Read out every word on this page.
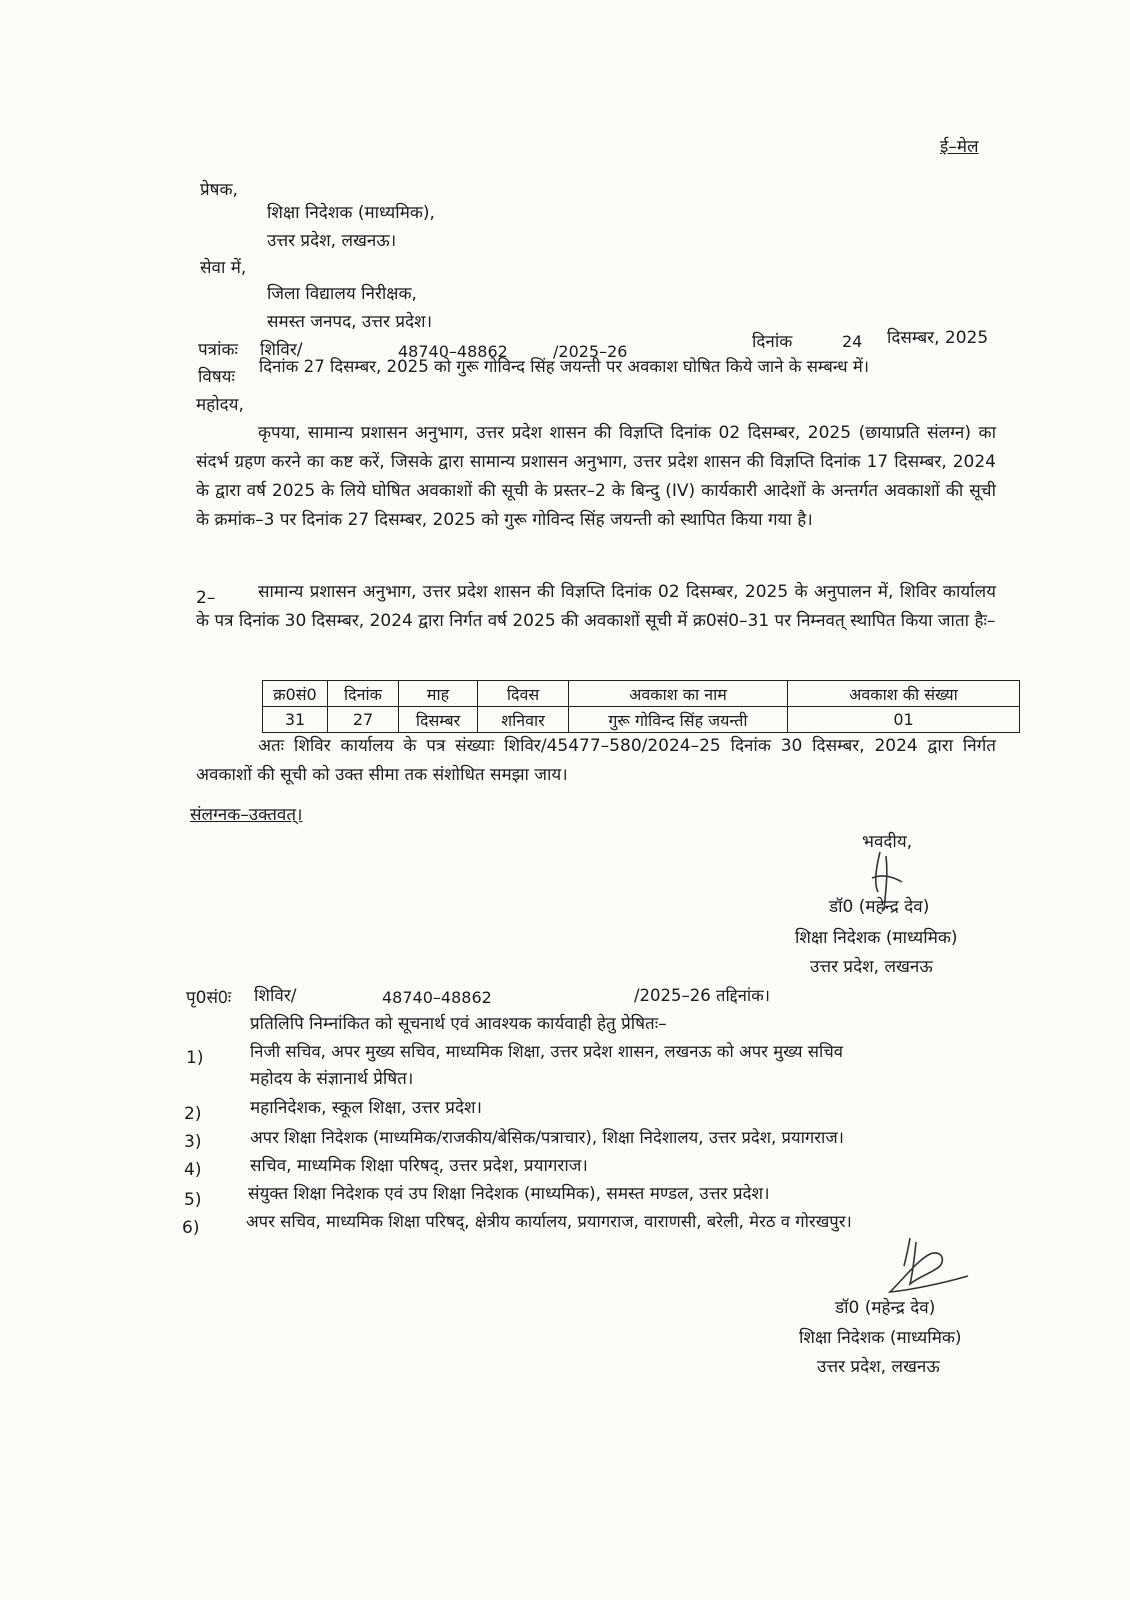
ई–मेल
प्रेषक,
शिक्षा निदेशक (माध्यमिक),
उत्तर प्रदेश, लखनऊ।
सेवा में,
जिला विद्यालय निरीक्षक,
समस्त जनपद, उत्तर प्रदेश।
पत्रांकः शिविर/	48740–48862	/2025–26	दिनांक	24 दिसम्बर, 2025
विषयः
दिनांक 27 दिसम्बर, 2025 को गुरू गोविन्द सिंह जयन्ती पर अवकाश घोषित किये जाने के सम्बन्ध में।
महोदय,
कृपया, सामान्य प्रशासन अनुभाग, उत्तर प्रदेश शासन की विज्ञप्ति दिनांक 02 दिसम्बर, 2025 (छायाप्रति संलग्न) का संदर्भ ग्रहण करने का कष्ट करें, जिसके द्वारा सामान्य प्रशासन अनुभाग, उत्तर प्रदेश शासन की विज्ञप्ति दिनांक 17 दिसम्बर, 2024 के द्वारा वर्ष 2025 के लिये घोषित अवकाशों की सूची के प्रस्तर–2 के बिन्दु (IV) कार्यकारी आदेशों के अन्तर्गत अवकाशों की सूची के क्रमांक–3 पर दिनांक 27 दिसम्बर, 2025 को गुरू गोविन्द सिंह जयन्ती को स्थापित किया गया है।
2–	सामान्य प्रशासन अनुभाग, उत्तर प्रदेश शासन की विज्ञप्ति दिनांक 02 दिसम्बर, 2025 के अनुपालन में, शिविर कार्यालय के पत्र दिनांक 30 दिसम्बर, 2024 द्वारा निर्गत वर्ष 2025 की अवकाशों सूची में क्र0सं0–31 पर निम्नवत् स्थापित किया जाता हैः–
क्र0सं0	दिनांक	माह	दिवस	अवकाश का नाम	अवकाश की संख्या
31	27	दिसम्बर	शनिवार	गुरू गोविन्द सिंह जयन्ती	01
अतः शिविर कार्यालय के पत्र संख्याः शिविर/45477–580/2024–25 दिनांक 30 दिसम्बर, 2024 द्वारा निर्गत अवकाशों की सूची को उक्त सीमा तक संशोधित समझा जाय।
संलग्नक–उक्तवत्।
भवदीय,
डॉ0 (महेन्द्र देव)
शिक्षा निदेशक (माध्यमिक)
उत्तर प्रदेश, लखनऊ
पृ0सं0ः शिविर/	48740–48862	/2025–26 तद्दिनांक।
प्रतिलिपि निम्नांकित को सूचनार्थ एवं आवश्यक कार्यवाही हेतु प्रेषितः–
1)	निजी सचिव, अपर मुख्य सचिव, माध्यमिक शिक्षा, उत्तर प्रदेश शासन, लखनऊ को अपर मुख्य सचिव
महोदय के संज्ञानार्थ प्रेषित।
2)	महानिदेशक, स्कूल शिक्षा, उत्तर प्रदेश।
3)	अपर शिक्षा निदेशक (माध्यमिक/राजकीय/बेसिक/पत्राचार), शिक्षा निदेशालय, उत्तर प्रदेश, प्रयागराज।
4)	सचिव, माध्यमिक शिक्षा परिषद्, उत्तर प्रदेश, प्रयागराज।
5)	संयुक्त शिक्षा निदेशक एवं उप शिक्षा निदेशक (माध्यमिक), समस्त मण्डल, उत्तर प्रदेश।
6)	अपर सचिव, माध्यमिक शिक्षा परिषद्, क्षेत्रीय कार्यालय, प्रयागराज, वाराणसी, बरेली, मेरठ व गोरखपुर।
डॉ0 (महेन्द्र देव)
शिक्षा निदेशक (माध्यमिक)
उत्तर प्रदेश, लखनऊ
